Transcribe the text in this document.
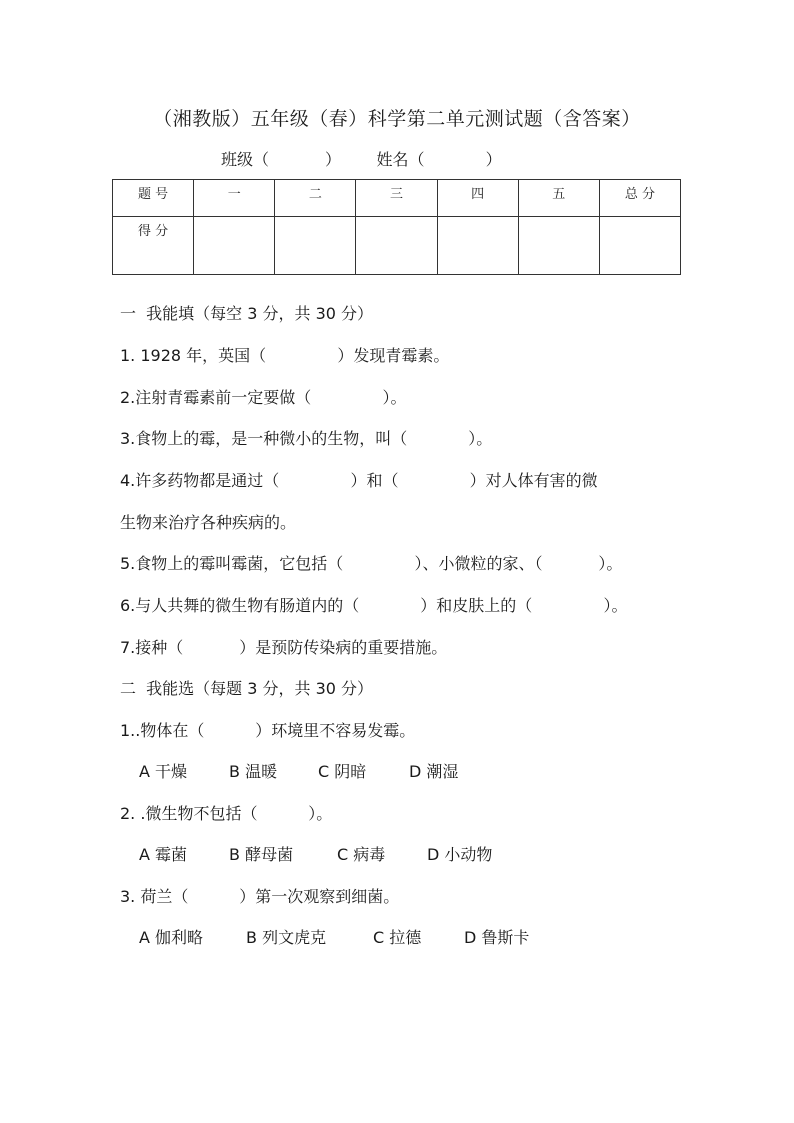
（湘教版）五年级（春）科学第二单元测试题（含答案）
班级（           ）       姓名（            ）
题 号	一	二	三	四	五	总 分
得 分						
一  我能填（每空 3 分，共 30 分）
1. 1928 年，英国（              ）发现青霉素。
2.注射青霉素前一定要做（              ）。
3.食物上的霉，是一种微小的生物，叫（            ）。
4.许多药物都是通过（              ）和（              ）对人体有害的微
生物来治疗各种疾病的。
5.食物上的霉叫霉菌，它包括（              ）、小微粒的家、（           ）。
6.与人共舞的微生物有肠道内的（            ）和皮肤上的（              ）。
7.接种（           ）是预防传染病的重要措施。
二  我能选（每题 3 分，共 30 分）
1..物体在（          ）环境里不容易发霉。
A 干燥	B 温暖	C 阴暗	D 潮湿
2. .微生物不包括（          ）。
A 霉菌	B 酵母菌	C 病毒	D 小动物
3. 荷兰（          ）第一次观察到细菌。
A 伽利略	B 列文虎克	C 拉德	D 鲁斯卡
